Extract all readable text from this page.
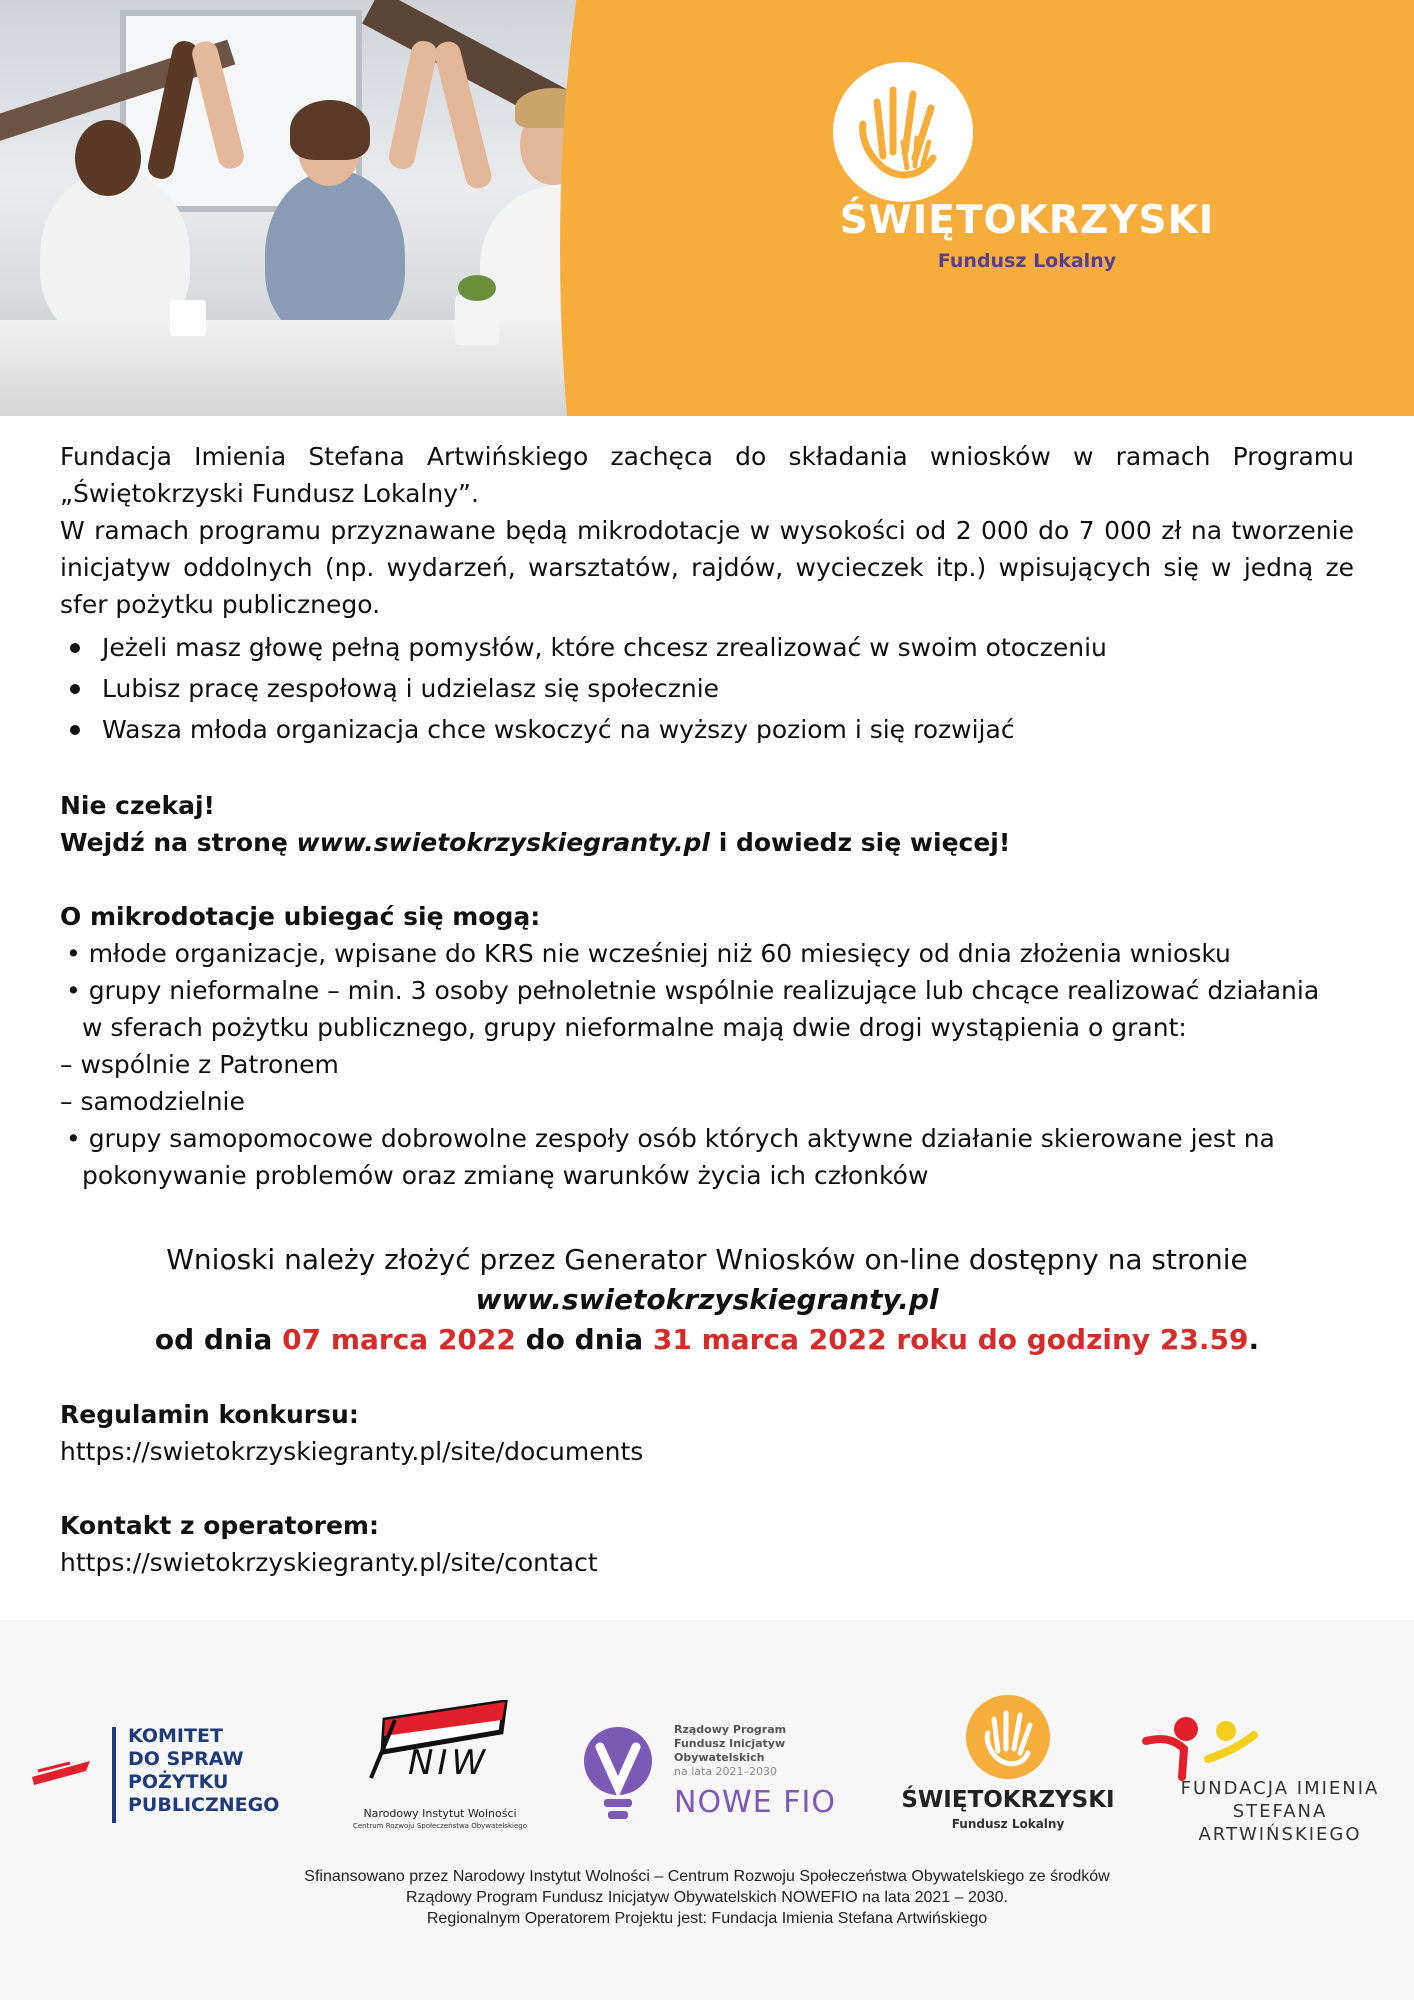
ŚWIĘTOKRZYSKI
Fundusz Lokalny

Fundacja Imienia Stefana Artwińskiego zachęca do składania wniosków w ramach Programu „Świętokrzyski Fundusz Lokalny”.

W ramach programu przyznawane będą mikrodotacje w wysokości od 2 000 do 7 000 zł na tworzenie inicjatyw oddolnych (np. wydarzeń, warsztatów, rajdów, wycieczek itp.) wpisujących się w jedną ze sfer pożytku publicznego.

Jeżeli masz głowę pełną pomysłów, które chcesz zrealizować w swoim otoczeniu
Lubisz pracę zespołową i udzielasz się społecznie
Wasza młoda organizacja chce wskoczyć na wyższy poziom i się rozwijać
Nie czekaj!
Wejdź na stronę www.swietokrzyskiegranty.pl i dowiedz się więcej!
O mikrodotacje ubiegać się mogą:
• młode organizacje, wpisane do KRS nie wcześniej niż 60 miesięcy od dnia złożenia wniosku
• grupy nieformalne – min. 3 osoby pełnoletnie wspólnie realizujące lub chcące realizować działania
w sferach pożytku publicznego, grupy nieformalne mają dwie drogi wystąpienia o grant:
– wspólnie z Patronem
– samodzielnie
• grupy samopomocowe dobrowolne zespoły osób których aktywne działanie skierowane jest na
pokonywanie problemów oraz zmianę warunków życia ich członków
Wnioski należy złożyć przez Generator Wniosków on-line dostępny na stronie
www.swietokrzyskiegranty.pl
od dnia 07 marca 2022 do dnia 31 marca 2022 roku do godziny 23.59.
Regulamin konkursu:
https://swietokrzyskiegranty.pl/site/documents
Kontakt z operatorem:
https://swietokrzyskiegranty.pl/site/contact
KOMITET
DO SPRAW
POŻYTKU
PUBLICZNEGO
NIW
Narodowy Instytut Wolności
Centrum Rozwoju Społeczeństwa Obywatelskiego
Rządowy Program
Fundusz Inicjatyw
Obywatelskich
na lata 2021–2030
NOWE FIO	ŚWIĘTOKRZYSKI
Fundusz Lokalny
FUNDACJA IMIENIA
STEFANA ARTWIŃSKIEGO
Sfinansowano przez Narodowy Instytut Wolności – Centrum Rozwoju Społeczeństwa Obywatelskiego ze środków
Rządowy Program Fundusz Inicjatyw Obywatelskich NOWEFIO na lata 2021 – 2030.
Regionalnym Operatorem Projektu jest: Fundacja Imienia Stefana Artwińskiego
